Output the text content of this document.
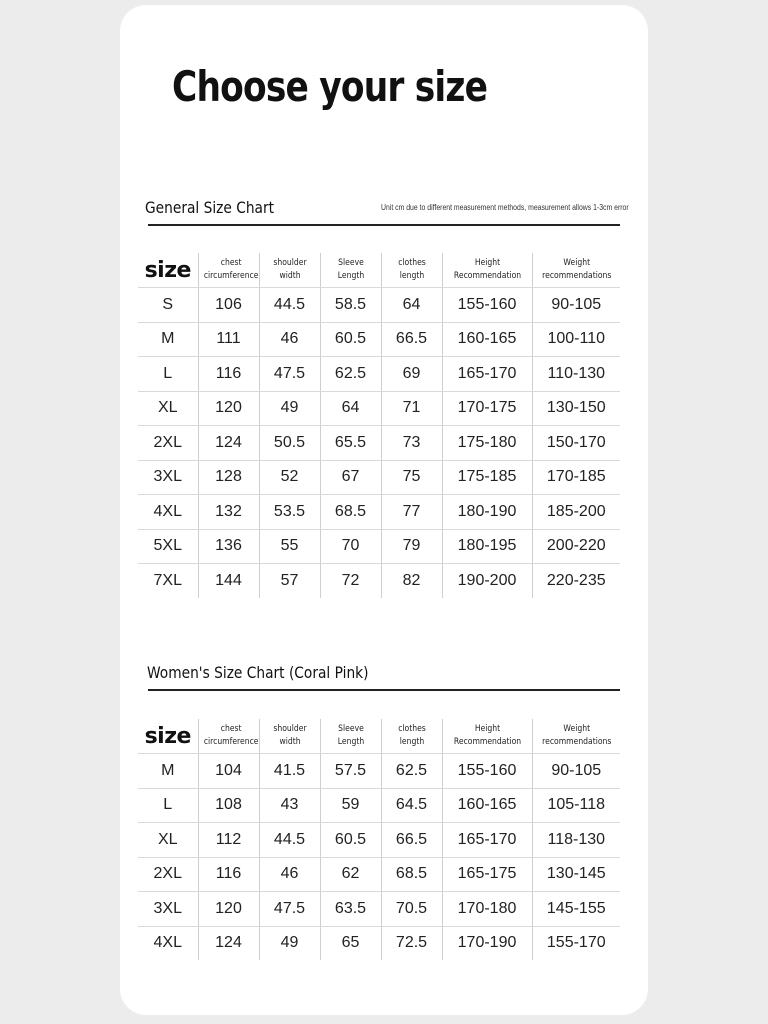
Choose your size
General Size Chart	Unit cm due to different measurement methods, measurement allows 1-3cm error
size	chest circumference	shoulder width	Sleeve Length	clothes length	Height Recommendation	Weight recommendations
S	106	44.5	58.5	64	155-160	90-105
M	111	46	60.5	66.5	160-165	100-110
L	116	47.5	62.5	69	165-170	110-130
XL	120	49	64	71	170-175	130-150
2XL	124	50.5	65.5	73	175-180	150-170
3XL	128	52	67	75	175-185	170-185
4XL	132	53.5	68.5	77	180-190	185-200
5XL	136	55	70	79	180-195	200-220
7XL	144	57	72	82	190-200	220-235
Women's Size Chart (Coral Pink)
size	chest circumference	shoulder width	Sleeve Length	clothes length	Height Recommendation	Weight recommendations
M	104	41.5	57.5	62.5	155-160	90-105
L	108	43	59	64.5	160-165	105-118
XL	112	44.5	60.5	66.5	165-170	118-130
2XL	116	46	62	68.5	165-175	130-145
3XL	120	47.5	63.5	70.5	170-180	145-155
4XL	124	49	65	72.5	170-190	155-170
